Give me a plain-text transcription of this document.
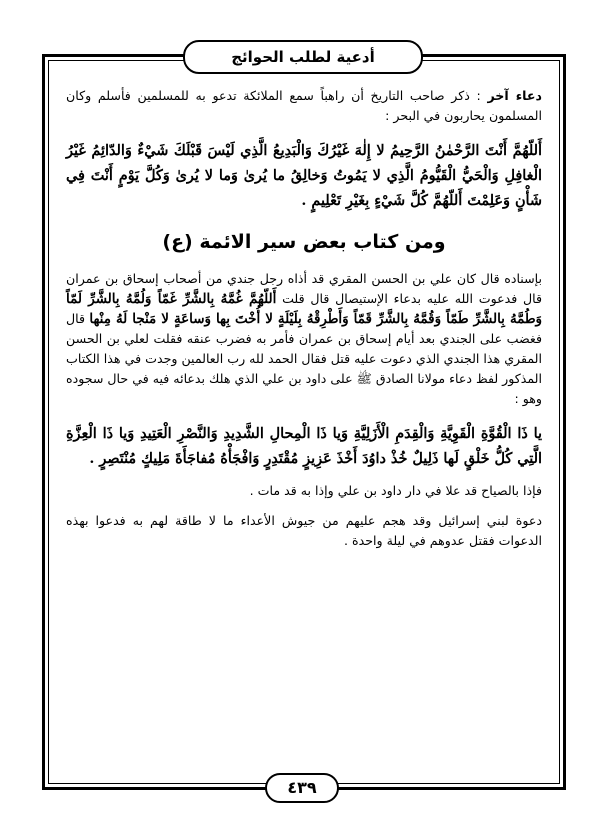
أدعية لطلب الحوائج

دعاء آخر : ذكر صاحب التاريخ أن راهباً سمع الملائكة تدعو به للمسلمين فأسلم وكان المسلمون يحاربون في البحر :

أَللّهُمَّ أَنْتَ الرَّحْمٰنُ الرَّحِيمُ لا إِلٰهَ غَيْرُكَ وَالْبَدِيعُ الَّذِي لَيْسَ قَبْلَكَ شَيْءٌ وَالدّائِمُ غَيْرُ الْغافِلِ وَالْحَيُّ الْقَيُّومُ الَّذِي لا يَمُوتُ وَخالِقُ ما يُرىٰ وَما لا يُرىٰ وَكُلَّ يَوْمٍ أَنْتَ فِي شَأْنٍ وَعَلِمْتَ أَللّهُمَّ كُلَّ شَيْءٍ بِغَيْرِ تَعْلِيمٍ .

ومن كتاب بعض سير الائمة (ع)

بإسناده قال كان علي بن الحسن المقري قد أذاه رجل جندي من أصحاب إسحاق بن عمران قال فدعوت الله عليه بدعاء الإستيصال قال قلت أَللّهُمَّ غُمَّهُ بِالشَّرِّ غَمّاً وَلُمَّهُ بِالشَّرِّ لَمّاً وَطُمَّهُ بِالشَّرِّ طَمّاً وَقُمَّهُ بِالشَّرِّ قَمّاً وَأَطْرِقْهُ بِلَيْلَةٍ لا أُخْتَ بِها وَساعَةٍ لا مَنْجا لَهُ مِنْها قال فغضب على الجندي بعد أيام إسحاق بن عمران فأمر به فضرب عنقه فقلت لعلي بن الحسن المقري هذا الجندي الذي دعوت عليه قتل فقال الحمد لله رب العالمين وجدت في هذا الكتاب المذكور لفظ دعاء مولانا الصادق ﷺ على داود بن علي الذي هلك بدعائه فيه في حال سجوده وهو :

يا ذَا الْقُوَّةِ الْقَوِيَّةِ وَالْقِدَمِ الْأَزَلِيَّةِ وَيا ذَا الْمِحالِ الشَّدِيدِ وَالنَّصْرِ الْعَتِيدِ وَيا ذَا الْعِزَّةِ الَّتِي كُلُّ خَلْقٍ لَها ذَلِيلٌ خُذْ داوُدَ أَخْذَ عَزِيزٍ مُقْتَدِرٍ وَافْجَأْهُ مُفاجَأَةَ مَلِيكٍ مُنْتَصِرٍ .

فإذا بالصياح قد علا في دار داود بن علي وإذا به قد مات .

دعوة لبني إسرائيل وقد هجم عليهم من جيوش الأعداء ما لا طاقة لهم به فدعوا بهذه الدعوات فقتل عدوهم في ليلة واحدة .

٤٣٩
